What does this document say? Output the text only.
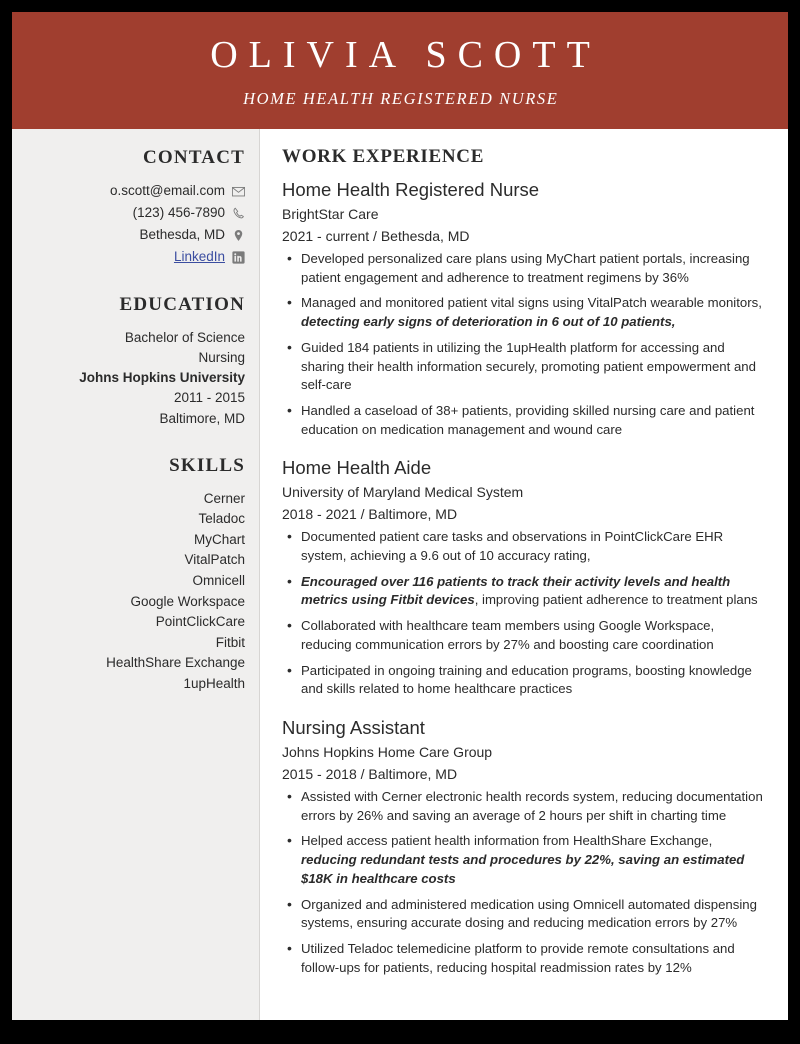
OLIVIA SCOTT
HOME HEALTH REGISTERED NURSE
CONTACT
o.scott@email.com
(123) 456-7890
Bethesda, MD
LinkedIn
EDUCATION
Bachelor of Science
Nursing
Johns Hopkins University
2011 - 2015
Baltimore, MD
SKILLS
Cerner
Teladoc
MyChart
VitalPatch
Omnicell
Google Workspace
PointClickCare
Fitbit
HealthShare Exchange
1upHealth
WORK EXPERIENCE
Home Health Registered Nurse
BrightStar Care
2021 - current / Bethesda, MD
• Developed personalized care plans using MyChart patient portals, increasing patient engagement and adherence to treatment regimens by 36%
• Managed and monitored patient vital signs using VitalPatch wearable monitors, detecting early signs of deterioration in 6 out of 10 patients,
• Guided 184 patients in utilizing the 1upHealth platform for accessing and sharing their health information securely, promoting patient empowerment and self-care
• Handled a caseload of 38+ patients, providing skilled nursing care and patient education on medication management and wound care
Home Health Aide
University of Maryland Medical System
2018 - 2021 / Baltimore, MD
• Documented patient care tasks and observations in PointClickCare EHR system, achieving a 9.6 out of 10 accuracy rating,
• Encouraged over 116 patients to track their activity levels and health metrics using Fitbit devices, improving patient adherence to treatment plans
• Collaborated with healthcare team members using Google Workspace, reducing communication errors by 27% and boosting care coordination
• Participated in ongoing training and education programs, boosting knowledge and skills related to home healthcare practices
Nursing Assistant
Johns Hopkins Home Care Group
2015 - 2018 / Baltimore, MD
• Assisted with Cerner electronic health records system, reducing documentation errors by 26% and saving an average of 2 hours per shift in charting time
• Helped access patient health information from HealthShare Exchange, reducing redundant tests and procedures by 22%, saving an estimated $18K in healthcare costs
• Organized and administered medication using Omnicell automated dispensing systems, ensuring accurate dosing and reducing medication errors by 27%
• Utilized Teladoc telemedicine platform to provide remote consultations and follow-ups for patients, reducing hospital readmission rates by 12%
